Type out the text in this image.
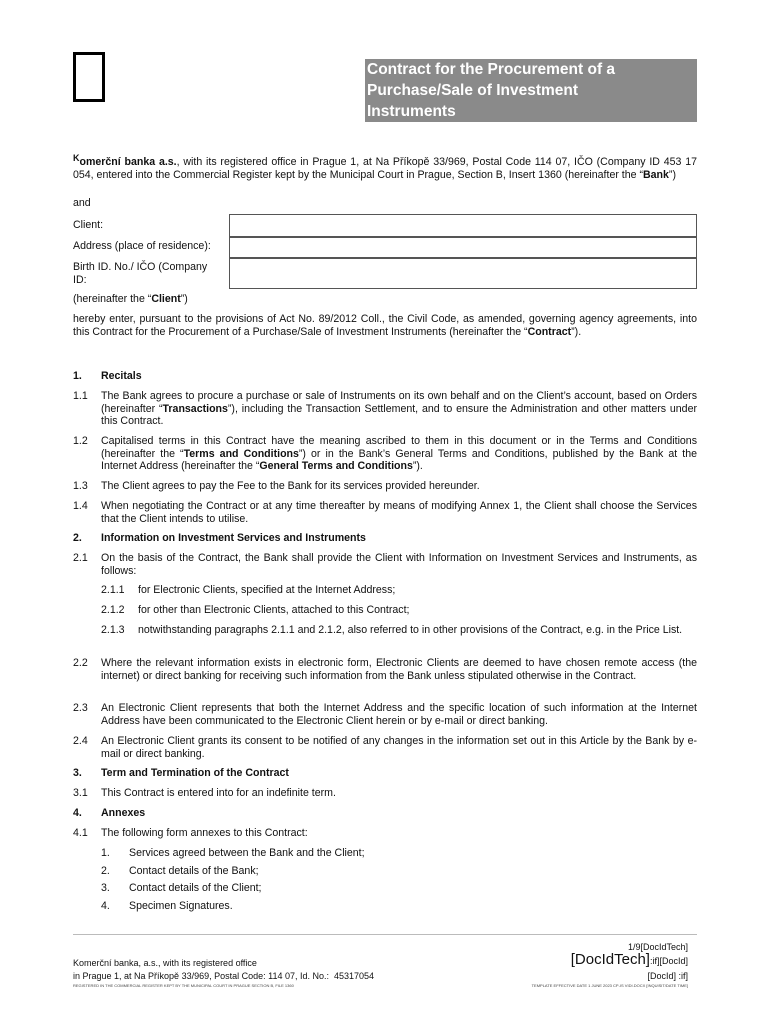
Contract for the Procurement of a
Purchase/Sale of Investment
Instruments
$^K$omerční banka a.s., with its registered office in Prague 1, at Na Příkopě 33/969, Postal Code 114 07, IČO (Company ID 453 17 054, entered into the Commercial Register kept by the Municipal Court in Prague, Section B, Insert 1360 (hereinafter the “Bank”)
and
Client:
Address (place of residence):
Birth ID. No./ IČO (Company
ID:
(hereinafter the “Client”)
hereby enter, pursuant to the provisions of Act No. 89/2012 Coll., the Civil Code, as amended, governing agency agreements, into this Contract for the Procurement of a Purchase/Sale of Investment Instruments (hereinafter the “Contract”).
1. Recitals
1.1 The Bank agrees to procure a purchase or sale of Instruments on its own behalf and on the Client’s account, based on Orders (hereinafter “Transactions”), including the Transaction Settlement, and to ensure the Administration and other matters under this Contract.
1.2 Capitalised terms in this Contract have the meaning ascribed to them in this document or in the Terms and Conditions (hereinafter the “Terms and Conditions”) or in the Bank’s General Terms and Conditions, published by the Bank at the Internet Address (hereinafter the “General Terms and Conditions”).
1.3 The Client agrees to pay the Fee to the Bank for its services provided hereunder.
1.4 When negotiating the Contract or at any time thereafter by means of modifying Annex 1, the Client shall choose the Services that the Client intends to utilise.
2. Information on Investment Services and Instruments
2.1 On the basis of the Contract, the Bank shall provide the Client with Information on Investment Services and Instruments, as follows:
2.1.1 for Electronic Clients, specified at the Internet Address;
2.1.2 for other than Electronic Clients, attached to this Contract;
2.1.3 notwithstanding paragraphs 2.1.1 and 2.1.2, also referred to in other provisions of the Contract, e.g. in the Price List.
2.2 Where the relevant information exists in electronic form, Electronic Clients are deemed to have chosen remote access (the internet) or direct banking for receiving such information from the Bank unless stipulated otherwise in the Contract.
2.3 An Electronic Client represents that both the Internet Address and the specific location of such information at the Internet Address have been communicated to the Electronic Client herein or by e-mail or direct banking.
2.4 An Electronic Client grants its consent to be notified of any changes in the information set out in this Article by the Bank by e-mail or direct banking.
3. Term and Termination of the Contract
3.1 This Contract is entered into for an indefinite term.
4. Annexes
4.1 The following form annexes to this Contract:
1. Services agreed between the Bank and the Client;
2. Contact details of the Bank;
3. Contact details of the Client;
4. Specimen Signatures.
Komerční banka, a.s., with its registered office
in Prague 1, at Na Příkopě 33/969, Postal Code: 114 07, Id. No.: 45317054
REGISTERED IN THE COMMERCIAL REGISTER KEPT BY THE MUNICIPAL COURT IN PRAGUE SECTION B, FILE 1360
1/9[DocIdTech]
[DocIdTech]:if][DocId]
[DocId] :if]
TEMPLATE EFFECTIVE DATE 1 JUNE 2023 CP-IS VIDI.DOCX [INQUISIT/DATE TIME]
